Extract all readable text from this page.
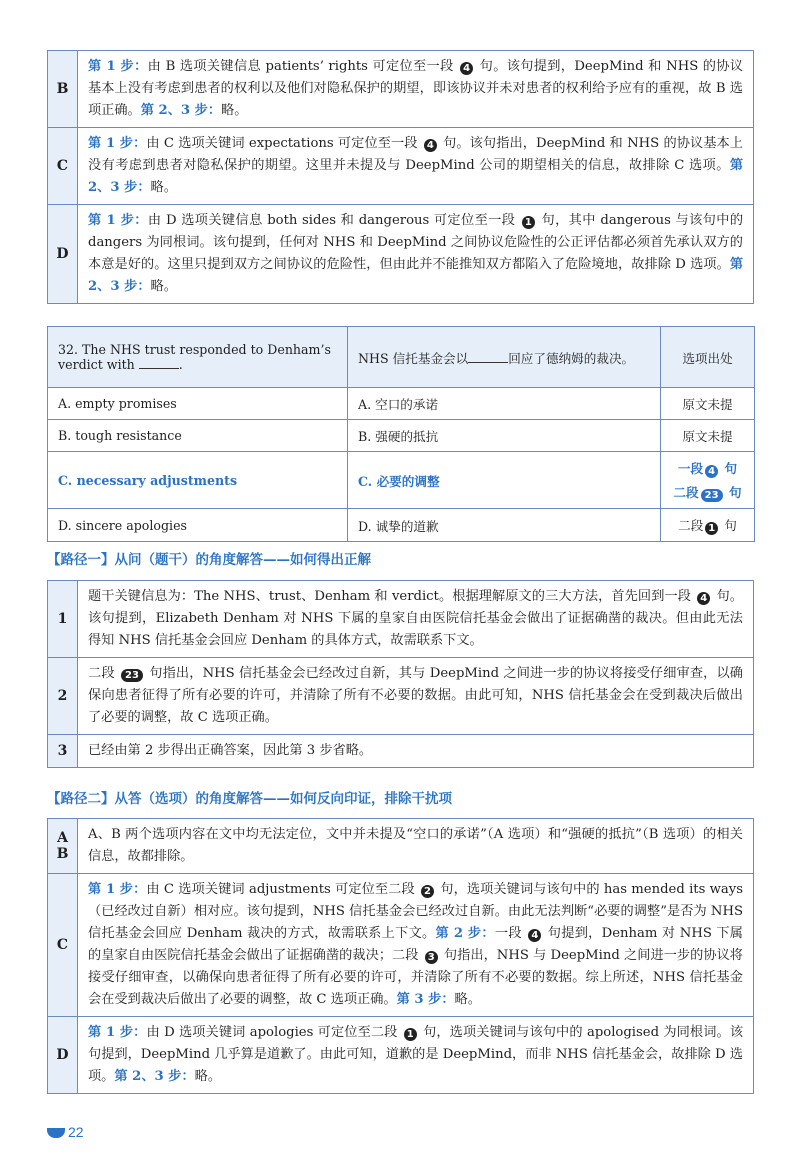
B	第 1 步：由 B 选项关键信息 patients’ rights 可定位至一段 4 句。该句提到，DeepMind 和 NHS 的协议基本上没有考虑到患者的权利以及他们对隐私保护的期望，即该协议并未对患者的权利给予应有的重视，故 B 选项正确。第 2、3 步：略。
C	第 1 步：由 C 选项关键词 expectations 可定位至一段 4 句。该句指出，DeepMind 和 NHS 的协议基本上没有考虑到患者对隐私保护的期望。这里并未提及与 DeepMind 公司的期望相关的信息，故排除 C 选项。第 2、3 步：略。
D	第 1 步：由 D 选项关键信息 both sides 和 dangerous 可定位至一段 1 句，其中 dangerous 与该句中的 dangers 为同根词。该句提到，任何对 NHS 和 DeepMind 之间协议危险性的公正评估都必须首先承认双方的本意是好的。这里只提到双方之间协议的危险性，但由此并不能推知双方都陷入了危险境地，故排除 D 选项。第 2、3 步：略。
32. The NHS trust responded to Denham’s verdict with .	NHS 信托基金会以 回应了德纳姆的裁决。	选项出处
A. empty promises	A. 空口的承诺	原文未提
B. tough resistance	B. 强硬的抵抗	原文未提
C. necessary adjustments	C. 必要的调整	一段 4 句
二段 23 句

D. sincere apologies	D. 诚挚的道歉	二段 1 句
【路径一】从问（题干）的角度解答——如何得出正解
1	题干关键信息为：The NHS、trust、Denham 和 verdict。根据理解原文的三大方法，首先回到一段 4 句。该句提到，Elizabeth Denham 对 NHS 下属的皇家自由医院信托基金会做出了证据确凿的裁决。但由此无法得知 NHS 信托基金会回应 Denham 的具体方式，故需联系下文。
2	二段 23 句指出，NHS 信托基金会已经改过自新，其与 DeepMind 之间进一步的协议将接受仔细审查，以确保向患者征得了所有必要的许可，并清除了所有不必要的数据。由此可知，NHS 信托基金会在受到裁决后做出了必要的调整，故 C 选项正确。
3	已经由第 2 步得出正确答案，因此第 3 步省略。
【路径二】从答（选项）的角度解答——如何反向印证，排除干扰项
A B	A、B 两个选项内容在文中均无法定位，文中并未提及“空口的承诺”（A 选项）和“强硬的抵抗”（B 选项）的相关信息，故都排除。
C	第 1 步：由 C 选项关键词 adjustments 可定位至二段 2 句，选项关键词与该句中的 has mended its ways（已经改过自新）相对应。该句提到，NHS 信托基金会已经改过自新。由此无法判断“必要的调整”是否为 NHS 信托基金会回应 Denham 裁决的方式，故需联系上下文。第 2 步：一段 4 句提到，Denham 对 NHS 下属的皇家自由医院信托基金会做出了证据确凿的裁决；二段 3 句指出，NHS 与 DeepMind 之间进一步的协议将接受仔细审查，以确保向患者征得了所有必要的许可，并清除了所有不必要的数据。综上所述，NHS 信托基金会在受到裁决后做出了必要的调整，故 C 选项正确。第 3 步：略。
D	第 1 步：由 D 选项关键词 apologies 可定位至二段 1 句，选项关键词与该句中的 apologised 为同根词。该句提到，DeepMind 几乎算是道歉了。由此可知，道歉的是 DeepMind，而非 NHS 信托基金会，故排除 D 选项。第 2、3 步：略。
22
